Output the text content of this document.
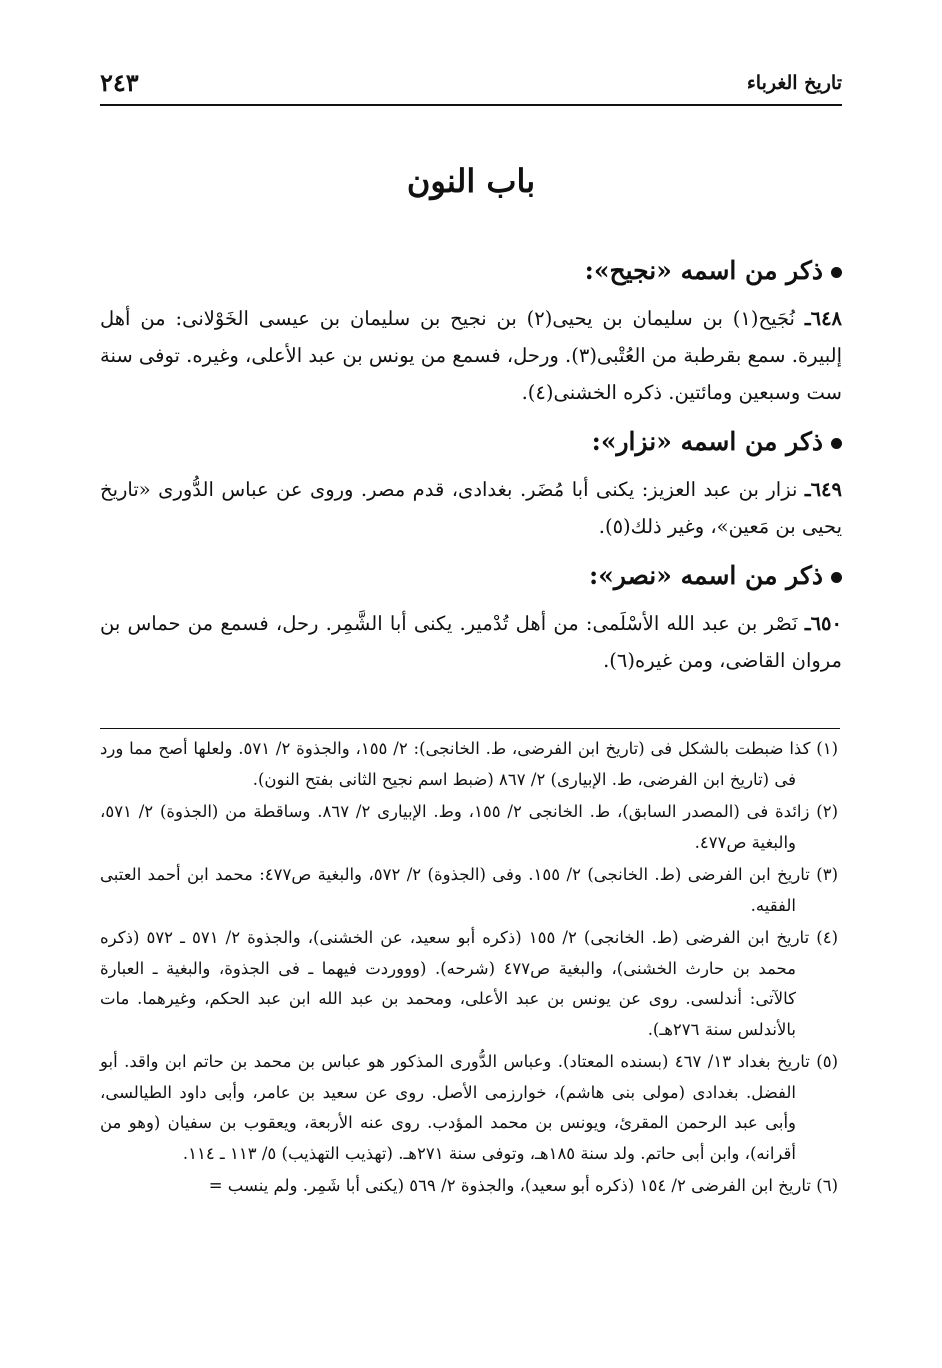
تاريخ الغرباء
٢٤٣
باب النون

ذكر من اسمه «نجيح»:

٦٤٨ـ نُجَيح(١) بن سليمان بن يحيى(٢) بن نجيح بن سليمان بن عيسى الخَوْلانى: من أهل إلبيرة. سمع بقرطبة من العُتْبى(٣). ورحل، فسمع من يونس بن عبد الأعلى، وغيره. توفى سنة ست وسبعين ومائتين. ذكره الخشنى(٤).

ذكر من اسمه «نزار»:

٦٤٩ـ نزار بن عبد العزيز: يكنى أبا مُضَر. بغدادى، قدم مصر. وروى عن عباس الدُّورى «تاريخ يحيى بن مَعين»، وغير ذلك(٥).

ذكر من اسمه «نصر»:

٦٥٠ـ نَصْر بن عبد الله الأسْلَمى: من أهل تُدْمير. يكنى أبا الشَّمِر. رحل، فسمع من حماس بن مروان القاضى، ومن غيره(٦).

(١) كذا ضبطت بالشكل فى (تاريخ ابن الفرضى، ط. الخانجى): ٢/ ١٥٥، والجذوة ٢/ ٥٧١. ولعلها أصح مما ورد فى (تاريخ ابن الفرضى، ط. الإبيارى) ٢/ ٨٦٧ (ضبط اسم نجيح الثانى بفتح النون).

(٢) زائدة فى (المصدر السابق)، ط. الخانجى ٢/ ١٥٥، وط. الإبيارى ٢/ ٨٦٧. وساقطة من (الجذوة) ٢/ ٥٧١، والبغية ص٤٧٧.

(٣) تاريخ ابن الفرضى (ط. الخانجى) ٢/ ١٥٥. وفى (الجذوة) ٢/ ٥٧٢، والبغية ص٤٧٧: محمد ابن أحمد العتبى الفقيه.

(٤) تاريخ ابن الفرضى (ط. الخانجى) ٢/ ١٥٥ (ذكره أبو سعيد، عن الخشنى)، والجذوة ٢/ ٥٧١ ـ ٥٧٢ (ذكره محمد بن حارث الخشنى)، والبغية ص٤٧٧ (شرحه). (وووردت فيهما ـ فى الجذوة، والبغية ـ العبارة كالآتى: أندلسى. روى عن يونس بن عبد الأعلى، ومحمد بن عبد الله ابن عبد الحكم، وغيرهما. مات بالأندلس سنة ٢٧٦هـ).

(٥) تاريخ بغداد ١٣/ ٤٦٧ (بسنده المعتاد). وعباس الدُّورى المذكور هو عباس بن محمد بن حاتم ابن واقد. أبو الفضل. بغدادى (مولى بنى هاشم)، خوارزمى الأصل. روى عن سعيد بن عامر، وأبى داود الطيالسى، وأبى عبد الرحمن المقرئ، ويونس بن محمد المؤدب. روى عنه الأربعة، ويعقوب بن سفيان (وهو من أقرانه)، وابن أبى حاتم. ولد سنة ١٨٥هـ، وتوفى سنة ٢٧١هـ. (تهذيب التهذيب) ٥/ ١١٣ ـ ١١٤.

(٦) تاريخ ابن الفرضى ٢/ ١٥٤ (ذكره أبو سعيد)، والجذوة ٢/ ٥٦٩ (يكنى أبا شَمِر. ولم ينسب =
